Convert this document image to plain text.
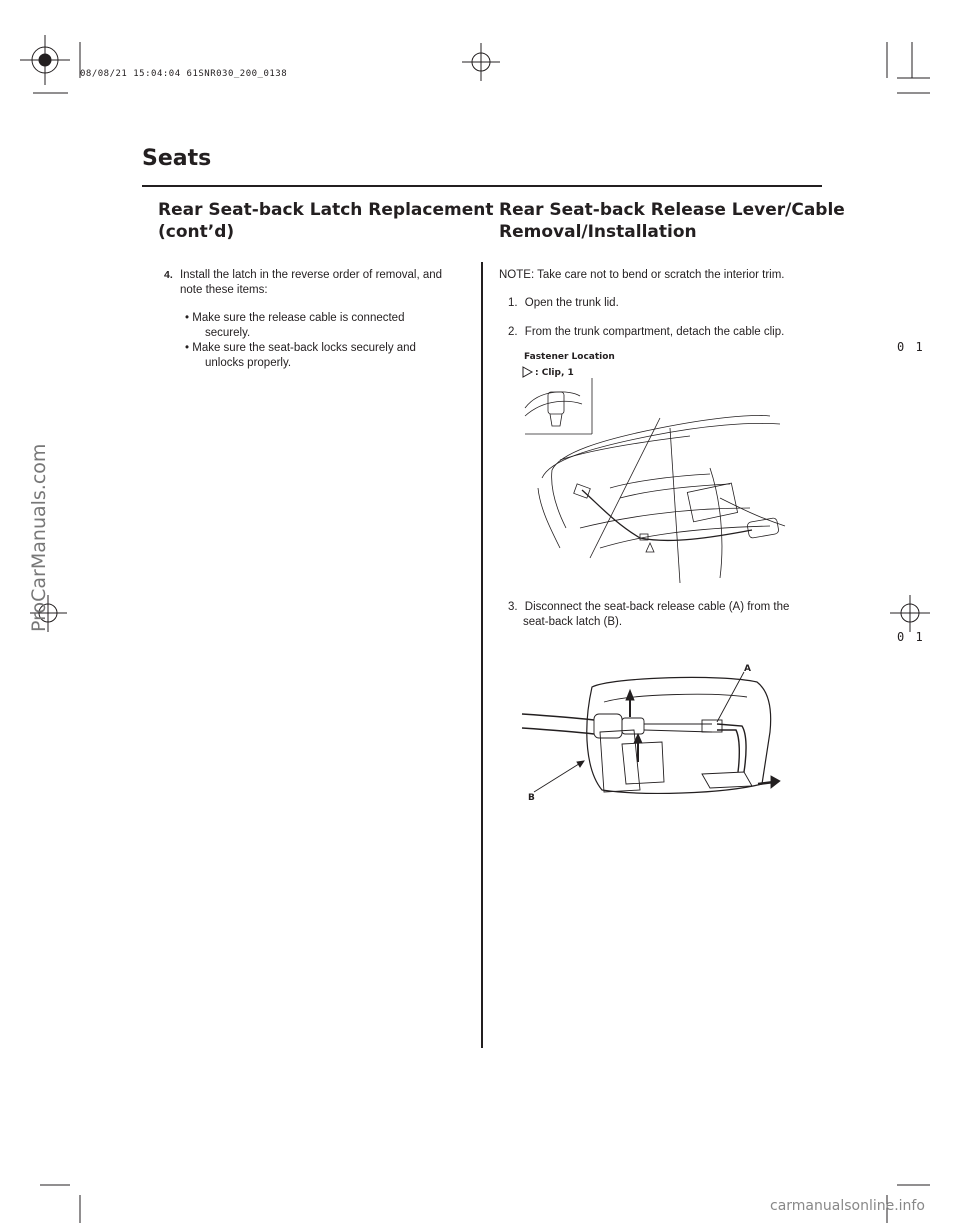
08/08/21 15:04:04 61SNR030_200_0138
0 1
0 1
ProCarManuals.com
Seats
Rear Seat-back Latch Replacement
(cont’d)
4. Install the latch in the reverse order of removal, and
note these items:
• Make sure the release cable is connected
securely.
• Make sure the seat-back locks securely and
unlocks properly.
Rear Seat-back Release Lever/Cable
Removal/Installation
NOTE: Take care not to bend or scratch the interior trim.
1. Open the trunk lid.
2. From the trunk compartment, detach the cable clip.
Fastener Location
: Clip, 1
3. Disconnect the seat-back release cable (A) from the
seat-back latch (B).
A
B
carmanualsonline.info
